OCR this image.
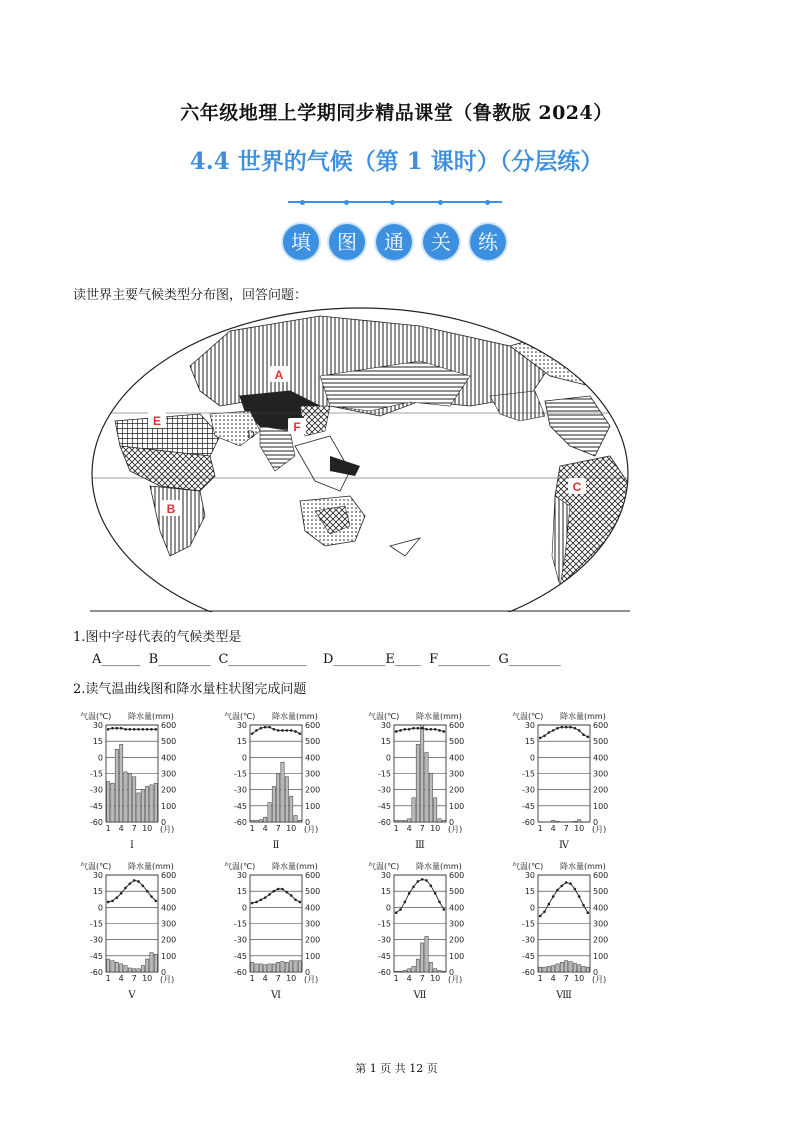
六年级地理上学期同步精品课堂（鲁教版 2024）
4.4 世界的气候（第 1 课时）（分层练）
填	图	通	关	练
读世界主要气候类型分布图，回答问题：
A
E	F
D
B
C
1.图中字母代表的气候类型是
A______  B________  C____________    D________E____  F________  G________
2.读气温曲线图和降水量柱状图完成问题
气温(℃) 降水量(mm)
30	600
15	500
0	400
-15	300
-30	200
-45	100
-60	0
1 4 7 10 (月)
Ⅰ
气温(℃) 降水量(mm)
30	600
15	500
0	400
-15	300
-30	200
-45	100
-60	0
1 4 7 10 (月)
Ⅱ
气温(℃) 降水量(mm)
30	600
15	500
0	400
-15	300
-30	200
-45	100
-60	0
1 4 7 10 (月)
Ⅲ
气温(℃) 降水量(mm)
30	600
15	500
0	400
-15	300
-30	200
-45	100
-60	0
1 4 7 10 (月)
Ⅳ
气温(℃) 降水量(mm)
30	600
15	500
0	400
-15	300
-30	200
-45	100
-60	0
1 4 7 10 (月)
Ⅴ
气温(℃) 降水量(mm)
30	600
15	500
0	400
-15	300
-30	200
-45	100
-60	0
1 4 7 10 (月)
Ⅵ
气温(℃) 降水量(mm)
30	600
15	500
0	400
-15	300
-30	200
-45	100
-60	0
1 4 7 10 (月)
Ⅶ
气温(℃) 降水量(mm)
30	600
15	500
0	400
-15	300
-30	200
-45	100
-60	0
1 4 7 10 (月)
Ⅷ
第 1 页 共 12 页
